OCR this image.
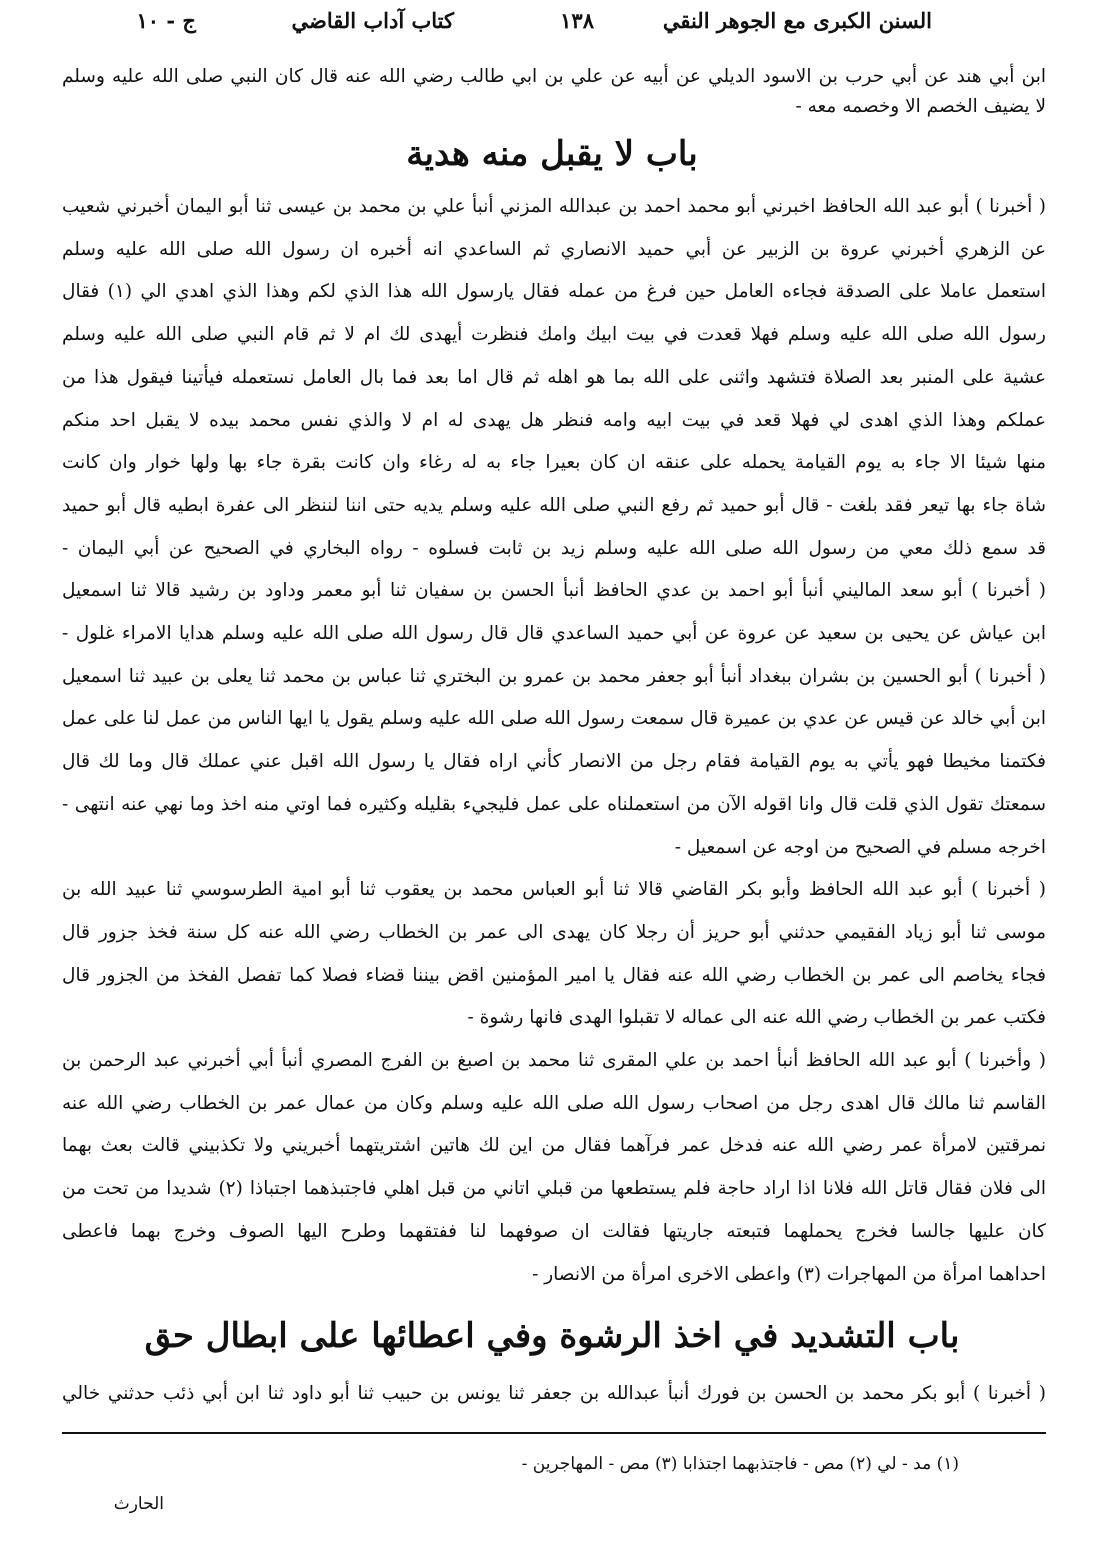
السنن الكبرى مع الجوهر النقي
١٣٨
كتاب آداب القاضي
ج - ١٠
ابن أبي هند عن أبي حرب بن الاسود الديلي عن أبيه عن علي بن ابي طالب رضي الله عنه قال كان النبي صلى الله عليه وسلم
لا يضيف الخصم الا وخصمه معه -
باب لا يقبل منه هدية
( أخبرنا ) أبو عبد الله الحافظ اخبرني أبو محمد احمد بن عبدالله المزني أنبأ علي بن محمد بن عيسى ثنا أبو اليمان أخبرني شعيب
عن الزهري أخبرني عروة بن الزبير عن أبي حميد الانصاري ثم الساعدي انه أخبره ان رسول الله صلى الله عليه وسلم
استعمل عاملا على الصدقة فجاءه العامل حين فرغ من عمله فقال يارسول الله هذا الذي لكم وهذا الذي اهدي الي (١) فقال
رسول الله صلى الله عليه وسلم فهلا قعدت في بيت ابيك وامك فنظرت أيهدى لك ام لا ثم قام النبي صلى الله عليه وسلم
عشية على المنبر بعد الصلاة فتشهد واثنى على الله بما هو اهله ثم قال اما بعد فما بال العامل نستعمله فيأتينا فيقول هذا من
عملكم وهذا الذي اهدى لي فهلا قعد في بيت ابيه وامه فنظر هل يهدى له ام لا والذي نفس محمد بيده لا يقبل احد منكم
منها شيئا الا جاء به يوم القيامة يحمله على عنقه ان كان بعيرا جاء به له رغاء وان كانت بقرة جاء بها ولها خوار وان كانت
شاة جاء بها تيعر فقد بلغت - قال أبو حميد ثم رفع النبي صلى الله عليه وسلم يديه حتى اننا لننظر الى عفرة ابطيه قال أبو حميد
قد سمع ذلك معي من رسول الله صلى الله عليه وسلم زيد بن ثابت فسلوه - رواه البخاري في الصحيح عن أبي اليمان -
( أخبرنا ) أبو سعد الماليني أنبأ أبو احمد بن عدي الحافظ أنبأ الحسن بن سفيان ثنا أبو معمر وداود بن رشيد قالا ثنا اسمعيل
ابن عياش عن يحيى بن سعيد عن عروة عن أبي حميد الساعدي قال قال رسول الله صلى الله عليه وسلم هدايا الامراء غلول -
( أخبرنا ) أبو الحسين بن بشران ببغداد أنبأ أبو جعفر محمد بن عمرو بن البختري ثنا عباس بن محمد ثنا يعلى بن عبيد ثنا اسمعيل
ابن أبي خالد عن قيس عن عدي بن عميرة قال سمعت رسول الله صلى الله عليه وسلم يقول يا ايها الناس من عمل لنا على عمل
فكتمنا مخيطا فهو يأتي به يوم القيامة فقام رجل من الانصار كأني اراه فقال يا رسول الله اقبل عني عملك قال وما لك قال
سمعتك تقول الذي قلت قال وانا اقوله الآن من استعملناه على عمل فليجيء بقليله وكثيره فما اوتي منه اخذ وما نهي عنه انتهى -
اخرجه مسلم في الصحيح من اوجه عن اسمعيل -
( أخبرنا ) أبو عبد الله الحافظ وأبو بكر القاضي قالا ثنا أبو العباس محمد بن يعقوب ثنا أبو امية الطرسوسي ثنا عبيد الله بن
موسى ثنا أبو زياد الفقيمي حدثني أبو حريز أن رجلا كان يهدى الى عمر بن الخطاب رضي الله عنه كل سنة فخذ جزور قال
فجاء يخاصم الى عمر بن الخطاب رضي الله عنه فقال يا امير المؤمنين اقض بيننا قضاء فصلا كما تفصل الفخذ من الجزور قال
فكتب عمر بن الخطاب رضي الله عنه الى عماله لا تقبلوا الهدى فانها رشوة -
( وأخبرنا ) أبو عبد الله الحافظ أنبأ احمد بن علي المقرى ثنا محمد بن اصبغ بن الفرج المصري أنبأ أبي أخبرني عبد الرحمن بن
القاسم ثنا مالك قال اهدى رجل من اصحاب رسول الله صلى الله عليه وسلم وكان من عمال عمر بن الخطاب رضي الله عنه
نمرقتين لامرأة عمر رضي الله عنه فدخل عمر فرآهما فقال من اين لك هاتين اشتريتهما أخبريني ولا تكذبيني قالت بعث بهما
الى فلان فقال قاتل الله فلانا اذا اراد حاجة فلم يستطعها من قبلي اتاني من قبل اهلي فاجتبذهما اجتباذا (٢) شديدا من تحت من
كان عليها جالسا فخرج يحملهما فتبعته جاريتها فقالت ان صوفهما لنا ففتقهما وطرح اليها الصوف وخرج بهما فاعطى
احداهما امرأة من المهاجرات (٣) واعطى الاخرى امرأة من الانصار -
باب التشديد في اخذ الرشوة وفي اعطائها على ابطال حق
( أخبرنا ) أبو بكر محمد بن الحسن بن فورك أنبأ عبدالله بن جعفر ثنا يونس بن حبيب ثنا أبو داود ثنا ابن أبي ذئب حدثني خالي
(١) مد - لي (٢) مص - فاجتذبهما اجتذابا (٣) مص - المهاجرين -
الحارث
